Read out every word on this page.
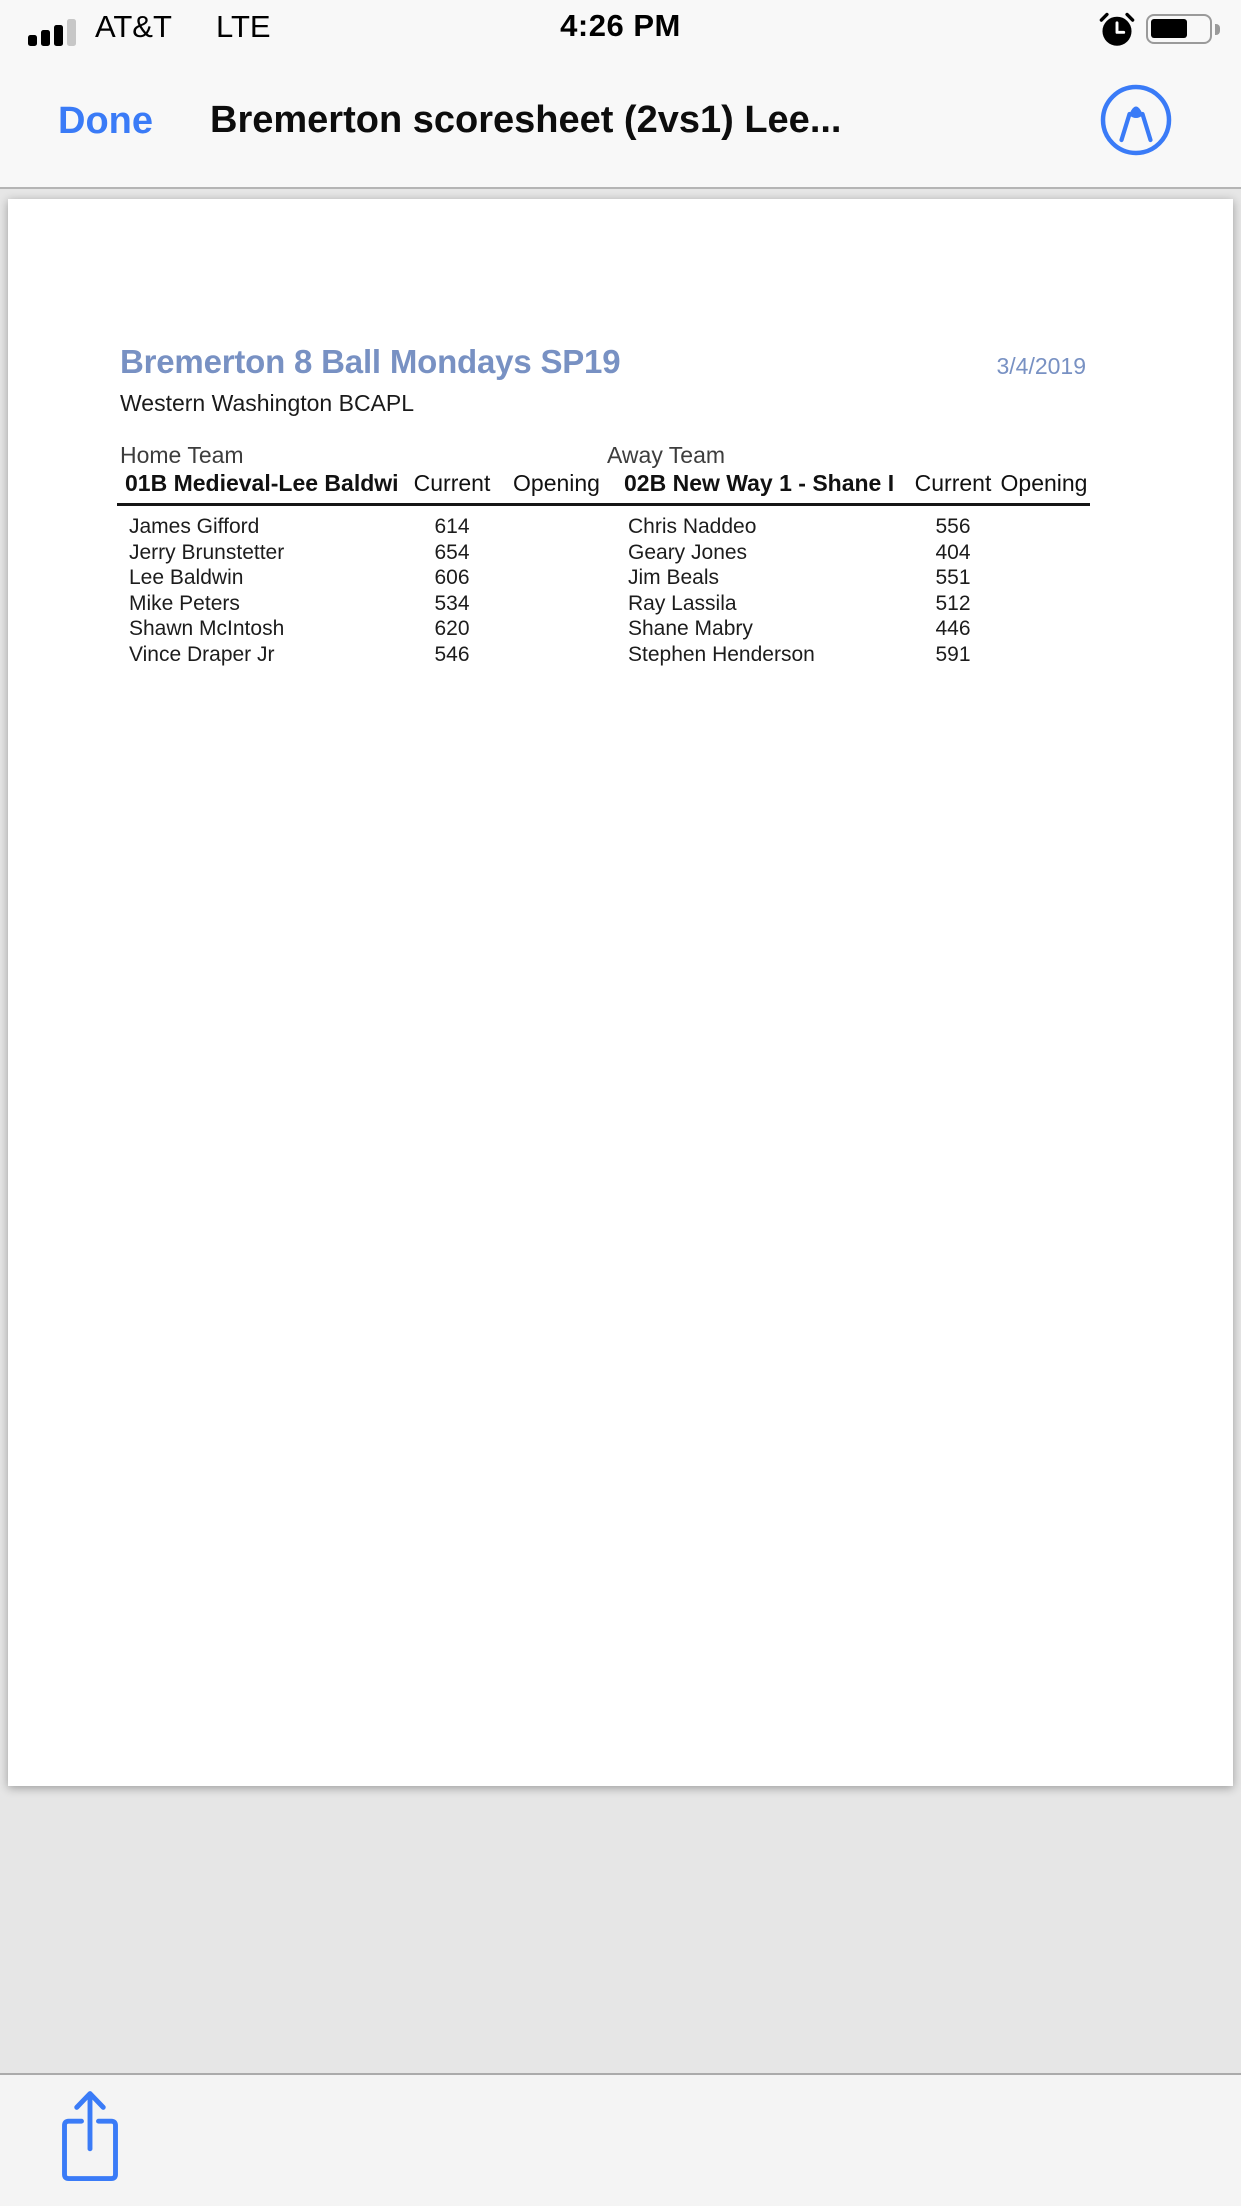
AT&T LTE	4:26 PM
Done Bremerton scoresheet (2vs1) Lee...
Bremerton 8 Ball Mondays SP19	3/4/2019
Western Washington BCAPL
Home Team	Away Team
01B Medieval-Lee Baldwi Current Opening	02B New Way 1 - Shane I Current Opening
James Gifford	614	Chris Naddeo	556
Jerry Brunstetter	654	Geary Jones	404
Lee Baldwin	606	Jim Beals	551
Mike Peters	534	Ray Lassila	512
Shawn McIntosh	620	Shane Mabry	446
Vince Draper Jr	546	Stephen Henderson	591
